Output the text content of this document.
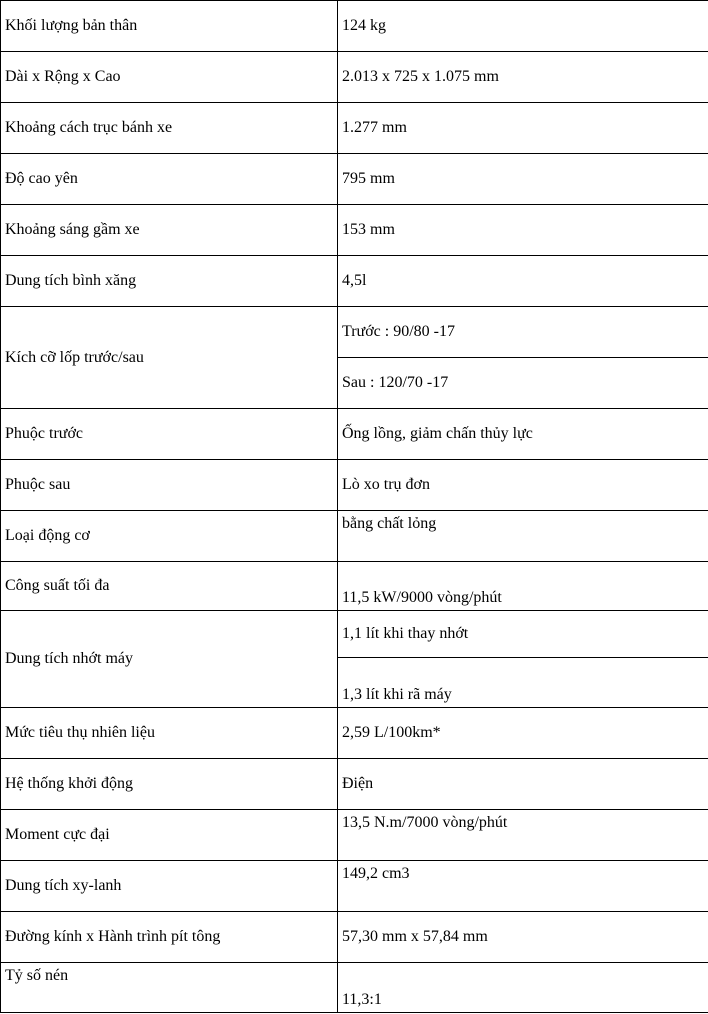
Khối lượng bản thân	124 kg
Dài x Rộng x Cao	2.013 x 725 x 1.075 mm
Khoảng cách trục bánh xe	1.277 mm
Độ cao yên	795 mm
Khoảng sáng gầm xe	153 mm
Dung tích bình xăng	4,5l
Kích cỡ lốp trước/sau	Trước : 90/80 -17
	Sau : 120/70 -17
Phuộc trước	Ống lồng, giảm chấn thủy lực
Phuộc sau	Lò xo trụ đơn
Loại động cơ	bằng chất lỏng
Công suất tối đa	11,5 kW/9000 vòng/phút
Dung tích nhớt máy	1,1 lít khi thay nhớt
	1,3 lít khi rã máy
Mức tiêu thụ nhiên liệu	2,59 L/100km*
Hệ thống khởi động	Điện
Moment cực đại	13,5 N.m/7000 vòng/phút
Dung tích xy-lanh	149,2 cm3
Đường kính x Hành trình pít tông	57,30 mm x 57,84 mm
Tỷ số nén	11,3:1
